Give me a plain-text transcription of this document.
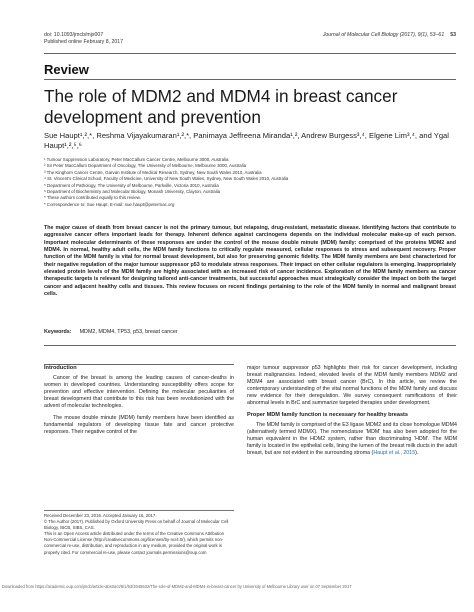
doi: 10.1093/jmcb/mjx007
Published online February 8, 2017
Journal of Molecular Cell Biology (2017), 9(1), 53–61 53
Review
The role of MDM2 and MDM4 in breast cancer development and prevention
Sue Haupt¹,²,*, Reshma Vijayakumaran¹,²,*, Panimaya Jeffreena Miranda¹,², Andrew Burgess³,⁴, Elgene Lim³,⁴, and Ygal Haupt¹,²,⁵,⁶
¹ Tumour Suppression Laboratory, Peter MacCallum Cancer Centre, Melbourne 3000, Australia
² Sir Peter MacCallum Department of Oncology, The University of Melbourne, Melbourne 3000, Australia
³ The Kinghorn Cancer Centre, Garvan Institute of Medical Research, Sydney, New South Wales 2010, Australia
⁴ St. Vincent's Clinical School, Faculty of Medicine, University of New South Wales, Sydney, New South Wales 2010, Australia
⁵ Department of Pathology, The University of Melbourne, Parkville, Victoria 3010, Australia
⁶ Department of Biochemistry and Molecular Biology, Monash University, Clayton, Australia
* These authors contributed equally to this review.
* Correspondence to: Sue Haupt, E-mail: sue.haupt@petermac.org
The major cause of death from breast cancer is not the primary tumour, but relapsing, drug-resistant, metastatic disease. Identifying factors that contribute to aggressive cancer offers important leads for therapy. Inherent defence against carcinogens depends on the individual molecular make-up of each person. Important molecular determinants of these responses are under the control of the mouse double minute (MDM) family: comprised of the proteins MDM2 and MDM4. In normal, healthy adult cells, the MDM family functions to critically regulate measured, cellular responses to stress and subsequent recovery. Proper function of the MDM family is vital for normal breast development, but also for preserving genomic fidelity. The MDM family members are best characterized for their negative regulation of the major tumour suppressor p53 to modulate stress responses. Their impact on other cellular regulators is emerging. Inappropriately elevated protein levels of the MDM family are highly associated with an increased risk of cancer incidence. Exploration of the MDM family members as cancer therapeutic targets is relevant for designing tailored anti-cancer treatments, but successful approaches must strategically consider the impact on both the target cancer and adjacent healthy cells and tissues. This review focuses on recent findings pertaining to the role of the MDM family in normal and malignant breast cells.
Keywords: MDM2, MDM4, TP53, p53, breast cancer
Introduction

Cancer of the breast is among the leading causes of cancer-deaths in women in developed countries. Understanding susceptibility offers scope for prevention and effective intervention. Defining the molecular peculiarities of breast development that contribute to this risk has been revolutionized with the advent of molecular technologies.

The mouse double minute (MDM) family members have been identified as fundamental regulators of developing tissue fate and cancer protective responses. Their negative control of the

major tumour suppressor p53 highlights their risk for cancer development, including breast malignancies. Indeed, elevated levels of the MDM family members MDM2 and MDM4 are associated with breast cancer (BrC). In this article, we review the contemporary understanding of the vital normal functions of the MDM family and discuss new evidence for their deregulation. We survey consequent ramifications of their abnormal levels in BrC and summarize targeted therapies under development.

Proper MDM family function is necessary for healthy breasts

The MDM family is comprised of the E3 ligase MDM2 and its close homologue MDM4 (alternatively termed MDMX). The nomenclature 'MDM' has also been adopted for the human equivalent in the HDM2 system, rather than discriminating 'HDM'. The MDM family is located in the epithelial cells, lining the lumen of the breast milk ducts in the adult breast, but are not evident in the surrounding stroma (Haupt et al., 2015).

Received December 23, 2016. Accepted January 16, 2017.
© The Author (2017). Published by Oxford University Press on behalf of Journal of Molecular Cell Biology, IBCB, SIBS, CAS.
This is an Open Access article distributed under the terms of the Creative Commons Attribution Non-Commercial License (http://creativecommons.org/licenses/by-nc/4.0/), which permits non-commercial re-use, distribution, and reproduction in any medium, provided the original work is properly cited. For commercial re-use, please contact journals.permissions@oup.com
Downloaded from https://academic.oup.com/jmcb/article-abstract/9/1/53/3045532/The-role-of-MDM2-and-MDM4-in-breast-cancer by University of Melbourne Library user on 07 September 2017
